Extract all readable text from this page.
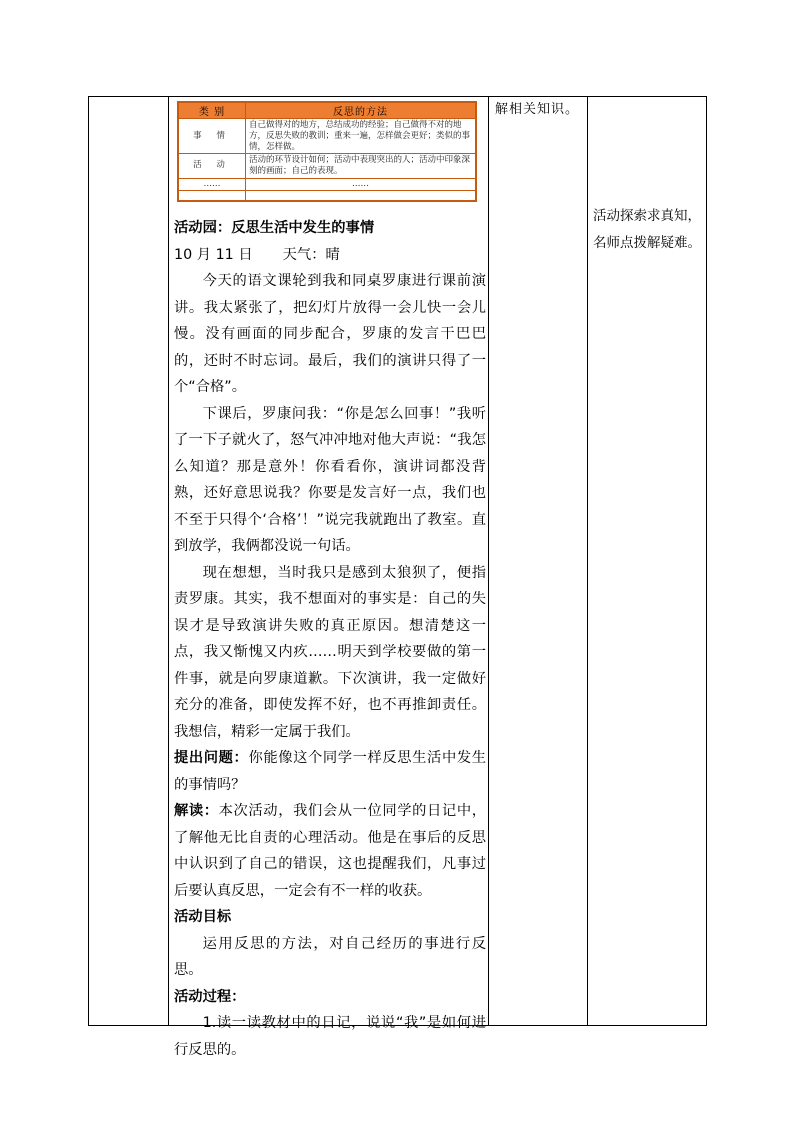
类 别	反思的方法
事 情	自己做得对的地方，总结成功的经验；自己做得不对的地方，反思失败的教训；重来一遍，怎样做会更好；类似的事情，怎样做。
活 动	活动的环节设计如何；活动中表现突出的人；活动中印象深刻的画面；自己的表现。
……	……

活动园：反思生活中发生的事情

10 月 11 日 天气：晴

今天的语文课轮到我和同桌罗康进行课前演讲。我太紧张了，把幻灯片放得一会儿快一会儿慢。没有画面的同步配合，罗康的发言干巴巴的，还时不时忘词。最后，我们的演讲只得了一个“合格”。

下课后，罗康问我：“你是怎么回事！”我听了一下子就火了，怒气冲冲地对他大声说：“我怎么知道？那是意外！你看看你，演讲词都没背熟，还好意思说我？你要是发言好一点，我们也不至于只得个‘合格’！”说完我就跑出了教室。直到放学，我俩都没说一句话。

现在想想，当时我只是感到太狼狈了，便指责罗康。其实，我不想面对的事实是：自己的失误才是导致演讲失败的真正原因。想清楚这一点，我又惭愧又内疚……明天到学校要做的第一件事，就是向罗康道歉。下次演讲，我一定做好充分的准备，即使发挥不好，也不再推卸责任。我想信，精彩一定属于我们。

提出问题：你能像这个同学一样反思生活中发生的事情吗？

解读：本次活动，我们会从一位同学的日记中，了解他无比自责的心理活动。他是在事后的反思中认识到了自己的错误，这也提醒我们，凡事过后要认真反思，一定会有不一样的收获。

活动目标

运用反思的方法，对自己经历的事进行反思。

活动过程：

1.读一读教材中的日记，说说“我”是如何进行反思的。

解相关知识。
活动探索求真知，名师点拨解疑难。
